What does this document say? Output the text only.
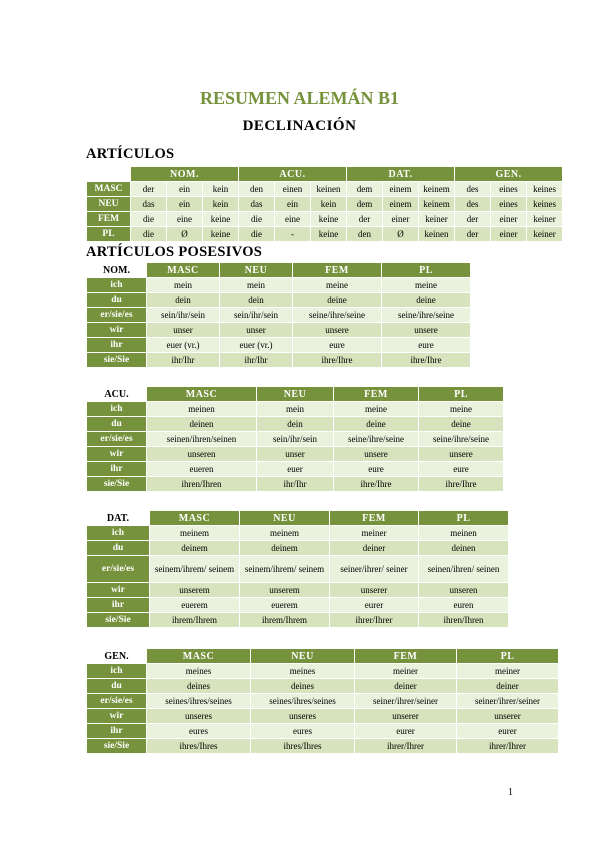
RESUMEN ALEMÁN B1
DECLINACIÓN
ARTÍCULOS
	NOM.			ACU.			DAT.			GEN.		
MASC	der	ein	kein	den	einen	keinen	dem	einem	keinem	des	eines	keines
NEU	das	ein	kein	das	ein	kein	dem	einem	keinem	des	eines	keines
FEM	die	eine	keine	die	eine	keine	der	einer	keiner	der	einer	keiner
PL	die	Ø	keine	die	-	keine	den	Ø	keinen	der	einer	keiner
ARTÍCULOS POSESIVOS
NOM.	MASC	NEU	FEM	PL
ich	mein	mein	meine	meine
du	dein	dein	deine	deine
er/sie/es	sein/ihr/sein	sein/ihr/sein	seine/ihre/seine	seine/ihre/seine
wir	unser	unser	unsere	unsere
ihr	euer (vr.)	euer (vr.)	eure	eure
sie/Sie	ihr/Ihr	ihr/Ihr	ihre/Ihre	ihre/Ihre
ACU.	MASC	NEU	FEM	PL
ich	meinen	mein	meine	meine
du	deinen	dein	deine	deine
er/sie/es	seinen/ihren/seinen	sein/ihr/sein	seine/ihre/seine	seine/ihre/seine
wir	unseren	unser	unsere	unsere
ihr	eueren	euer	eure	eure
sie/Sie	ihren/Ihren	ihr/Ihr	ihre/Ihre	ihre/Ihre
DAT.	MASC	NEU	FEM	PL
ich	meinem	meinem	meiner	meinen
du	deinem	deinem	deiner	deinen
er/sie/es	seinem/ihrem/ seinem	seinem/ihrem/ seinem	seiner/ihrer/ seiner	seinen/ihren/ seinen
wir	unserem	unserem	unserer	unseren
ihr	euerem	euerem	eurer	euren
sie/Sie	ihrem/Ihrem	ihrem/Ihrem	ihrer/Ihrer	ihren/Ihren
GEN.	MASC	NEU	FEM	PL
ich	meines	meines	meiner	meiner
du	deines	deines	deiner	deiner
er/sie/es	seines/ihres/seines	seines/ihres/seines	seiner/ihrer/seiner	seiner/ihrer/seiner
wir	unseres	unseres	unserer	unserer
ihr	eures	eures	eurer	eurer
sie/Sie	ihres/Ihres	ihres/Ihres	ihrer/Ihrer	ihrer/Ihrer
1
